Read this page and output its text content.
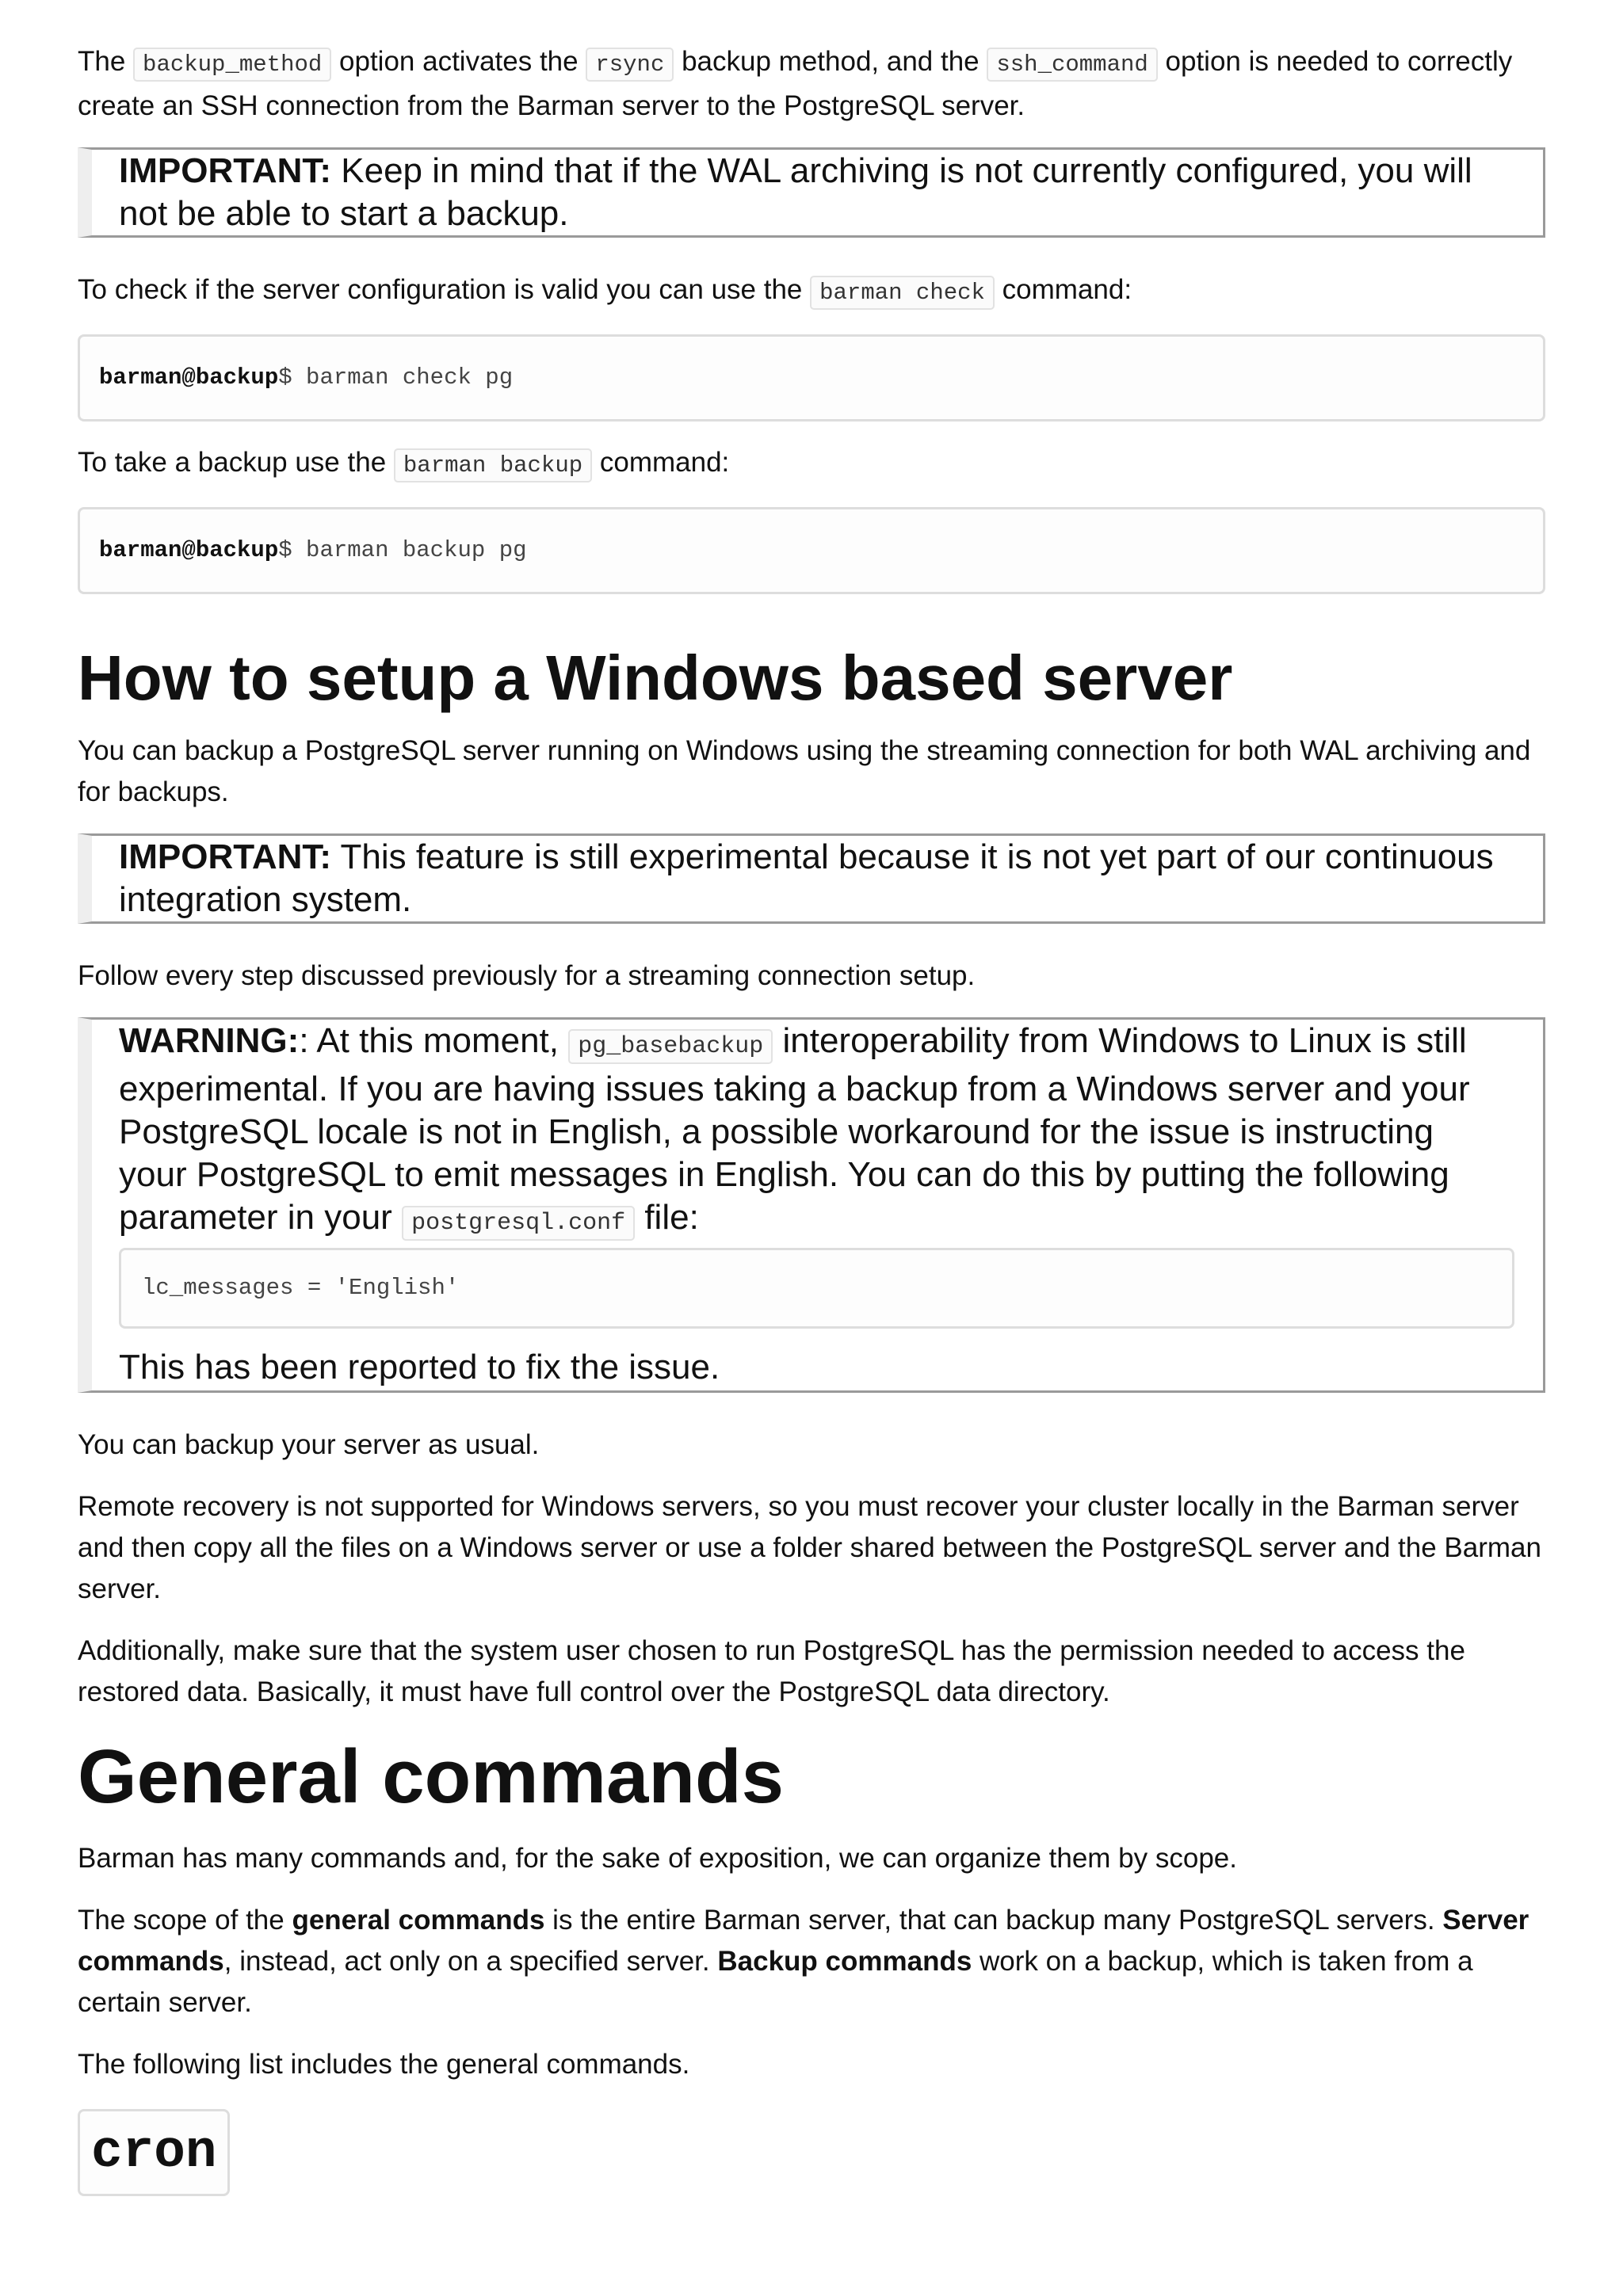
The backup_method option activates the rsync backup method, and the ssh_command option is needed to correctly create an SSH connection from the Barman server to the PostgreSQL server.

IMPORTANT: Keep in mind that if the WAL archiving is not currently configured, you will
not be able to start a backup.

To check if the server configuration is valid you can use the barman check command:

barman@backup$ barman check pg

To take a backup use the barman backup command:

barman@backup$ barman backup pg
How to setup a Windows based server

You can backup a PostgreSQL server running on Windows using the streaming connection for both WAL archiving and for backups.

IMPORTANT: This feature is still experimental because it is not yet part of our continuous
integration system.

Follow every step discussed previously for a streaming connection setup.

WARNING:: At this moment, pg_basebackup interoperability from Windows to Linux is still
experimental. If you are having issues taking a backup from a Windows server and your
PostgreSQL locale is not in English, a possible workaround for the issue is instructing
your PostgreSQL to emit messages in English. You can do this by putting the following
parameter in your postgresql.conf file:
lc_messages = 'English'
This has been reported to fix the issue.

You can backup your server as usual.

Remote recovery is not supported for Windows servers, so you must recover your cluster locally in the Barman server and then copy all the files on a Windows server or use a folder shared between the PostgreSQL server and the Barman server.

Additionally, make sure that the system user chosen to run PostgreSQL has the permission needed to access the restored data. Basically, it must have full control over the PostgreSQL data directory.

General commands

Barman has many commands and, for the sake of exposition, we can organize them by scope.

The scope of the general commands is the entire Barman server, that can backup many PostgreSQL servers. Server commands, instead, act only on a specified server. Backup commands work on a backup, which is taken from a certain server.

The following list includes the general commands.

cron
